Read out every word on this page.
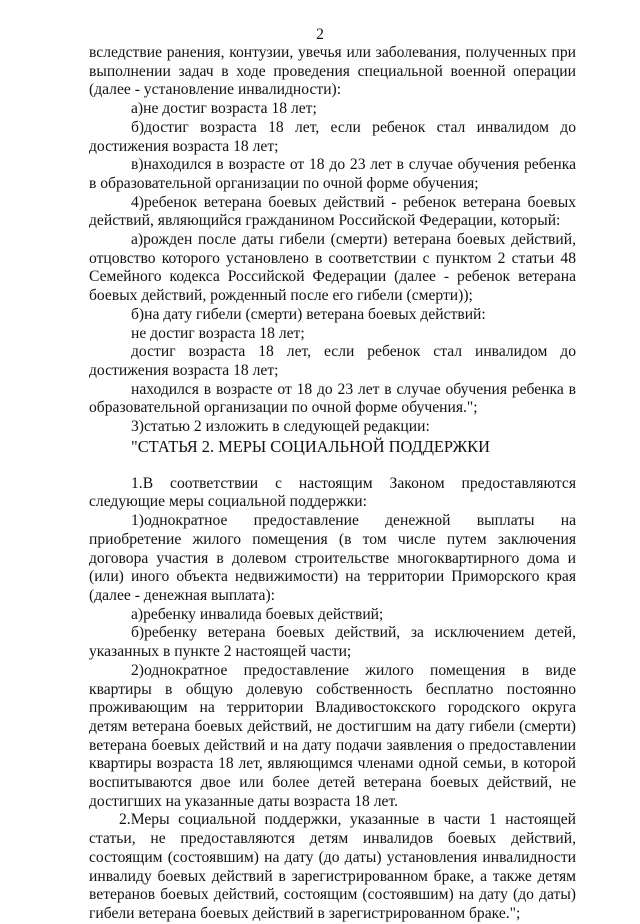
2

вследствие ранения, контузии, увечья или заболевания, полученных при выполнении задач в ходе проведения специальной военной операции (далее - установление инвалидности):

а)не достиг возраста 18 лет;

б)достиг возраста 18 лет, если ребенок стал инвалидом до достижения возраста 18 лет;

в)находился в возрасте от 18 до 23 лет в случае обучения ребенка в образовательной организации по очной форме обучения;

4)ребенок ветерана боевых действий - ребенок ветерана боевых действий, являющийся гражданином Российской Федерации, который:

а)рожден после даты гибели (смерти) ветерана боевых действий, отцовство которого установлено в соответствии с пунктом 2 статьи 48 Семейного кодекса Российской Федерации (далее - ребенок ветерана боевых действий, рожденный после его гибели (смерти));

б)на дату гибели (смерти) ветерана боевых действий:

не достиг возраста 18 лет;

достиг возраста 18 лет, если ребенок стал инвалидом до достижения возраста 18 лет;

находился в возрасте от 18 до 23 лет в случае обучения ребенка в образовательной организации по очной форме обучения.";

3)статью 2 изложить в следующей редакции:

"СТАТЬЯ 2. МЕРЫ СОЦИАЛЬНОЙ ПОДДЕРЖКИ

1.В соответствии с настоящим Законом предоставляются следующие меры социальной поддержки:

1)однократное предоставление денежной выплаты на приобретение жилого помещения (в том числе путем заключения договора участия в долевом строительстве многоквартирного дома и (или) иного объекта недвижимости) на территории Приморского края (далее - денежная выплата):

а)ребенку инвалида боевых действий;

б)ребенку ветерана боевых действий, за исключением детей, указанных в пункте 2 настоящей части;

2)однократное предоставление жилого помещения в виде квартиры в общую долевую собственность бесплатно постоянно проживающим на территории Владивостокского городского округа детям ветерана боевых действий, не достигшим на дату гибели (смерти) ветерана боевых действий и на дату подачи заявления о предоставлении квартиры возраста 18 лет, являющимся членами одной семьи, в которой воспитываются двое или более детей ветерана боевых действий, не достигших на указанные даты возраста 18 лет.

2.Меры социальной поддержки, указанные в части 1 настоящей статьи, не предоставляются детям инвалидов боевых действий, состоящим (состоявшим) на дату (до даты) установления инвалидности инвалиду боевых действий в зарегистрированном браке, а также детям ветеранов боевых действий, состоящим (состоявшим) на дату (до даты) гибели ветерана боевых действий в зарегистрированном браке.";
